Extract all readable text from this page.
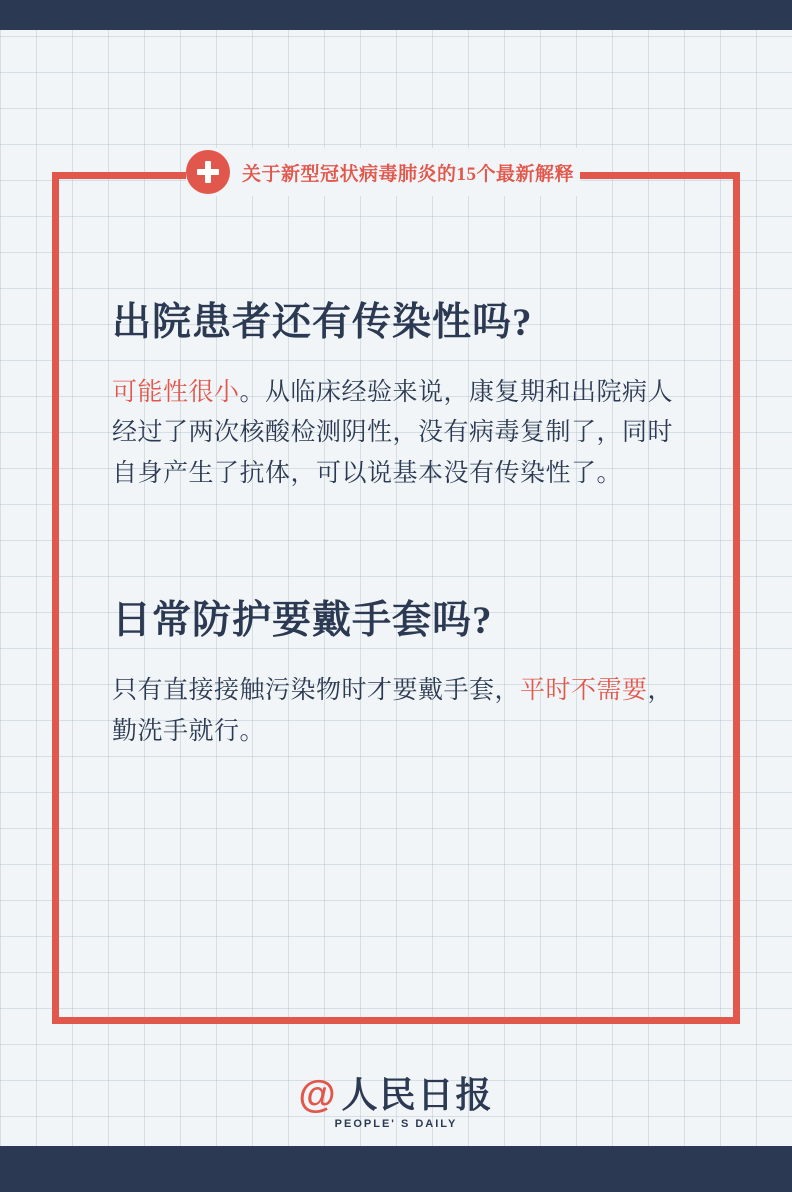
关于新型冠状病毒肺炎的15个最新解释
出院患者还有传染性吗?

可能性很小。从临床经验来说，康复期和出院病人经过了两次核酸检测阴性，没有病毒复制了，同时自身产生了抗体，可以说基本没有传染性了。

日常防护要戴手套吗?

只有直接接触污染物时才要戴手套，平时不需要，勤洗手就行。

@ 人民日报
PEOPLE' S DAILY
